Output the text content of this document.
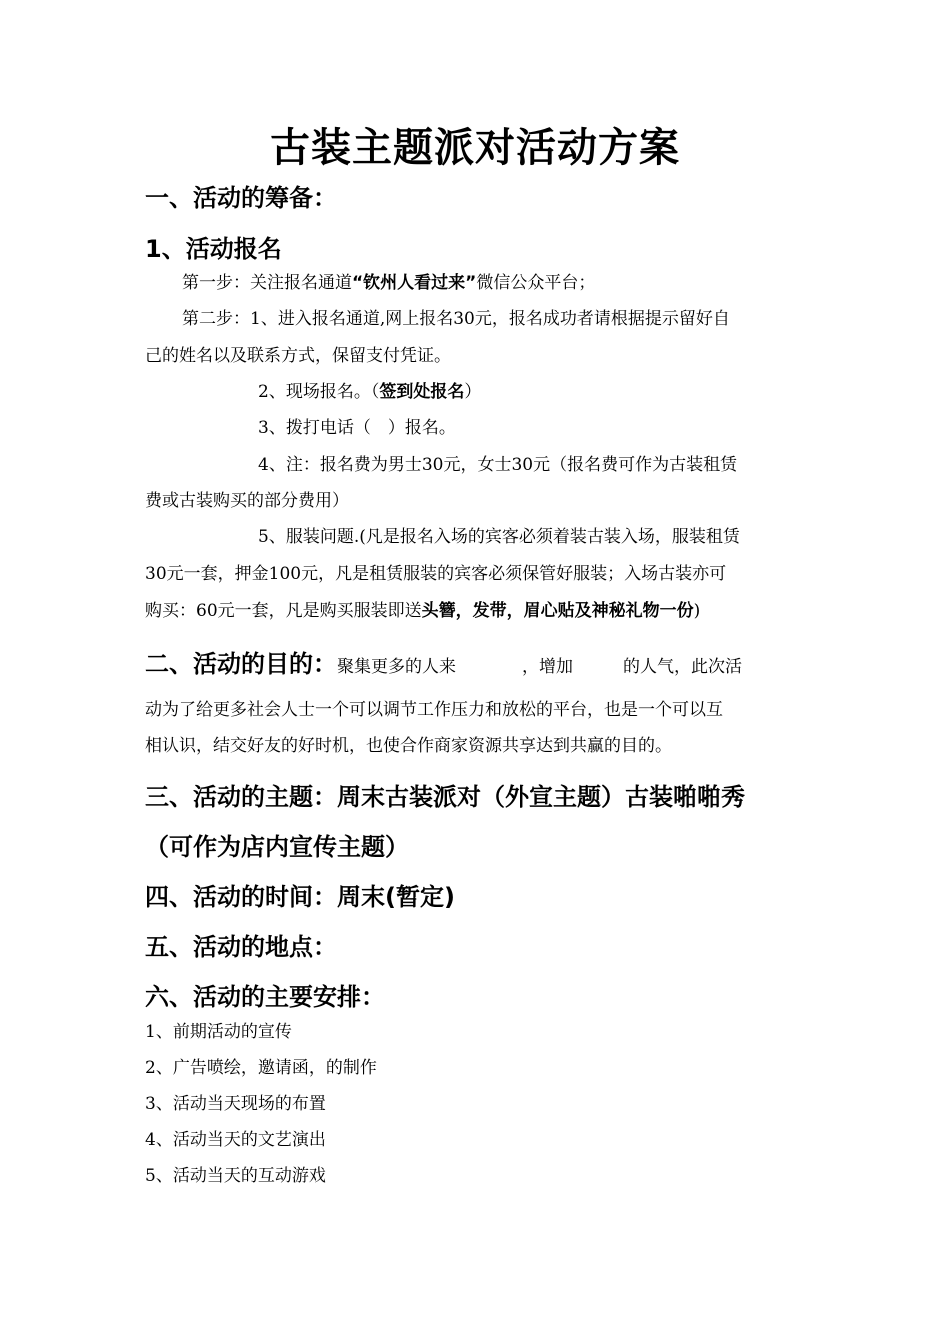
古装主题派对活动方案
一、活动的筹备：
1、活动报名
第一步：关注报名通道“钦州人看过来”微信公众平台；
第二步：1、进入报名通道,网上报名30元，报名成功者请根据提示留好自
己的姓名以及联系方式，保留支付凭证。
2、现场报名。（签到处报名）
3、拨打电话（　）报名。
4、注：报名费为男士30元，女士30元（报名费可作为古装租赁
费或古装购买的部分费用）
5、服装问题.(凡是报名入场的宾客必须着装古装入场，服装租赁
30元一套，押金100元，凡是租赁服装的宾客必须保管好服装；入场古装亦可
购买：60元一套，凡是购买服装即送头簪，发带，眉心贴及神秘礼物一份)
二、活动的目的：聚集更多的人来	，增加	的人气，此次活
动为了给更多社会人士一个可以调节工作压力和放松的平台，也是一个可以互
相认识，结交好友的好时机，也使合作商家资源共享达到共赢的目的。
三、活动的主题：周末古装派对（外宣主题）古装啪啪秀
（可作为店内宣传主题）
四、活动的时间：周末(暂定)
五、活动的地点：
六、活动的主要安排：
1、前期活动的宣传
2、广告喷绘，邀请函，的制作
3、活动当天现场的布置
4、活动当天的文艺演出
5、活动当天的互动游戏
